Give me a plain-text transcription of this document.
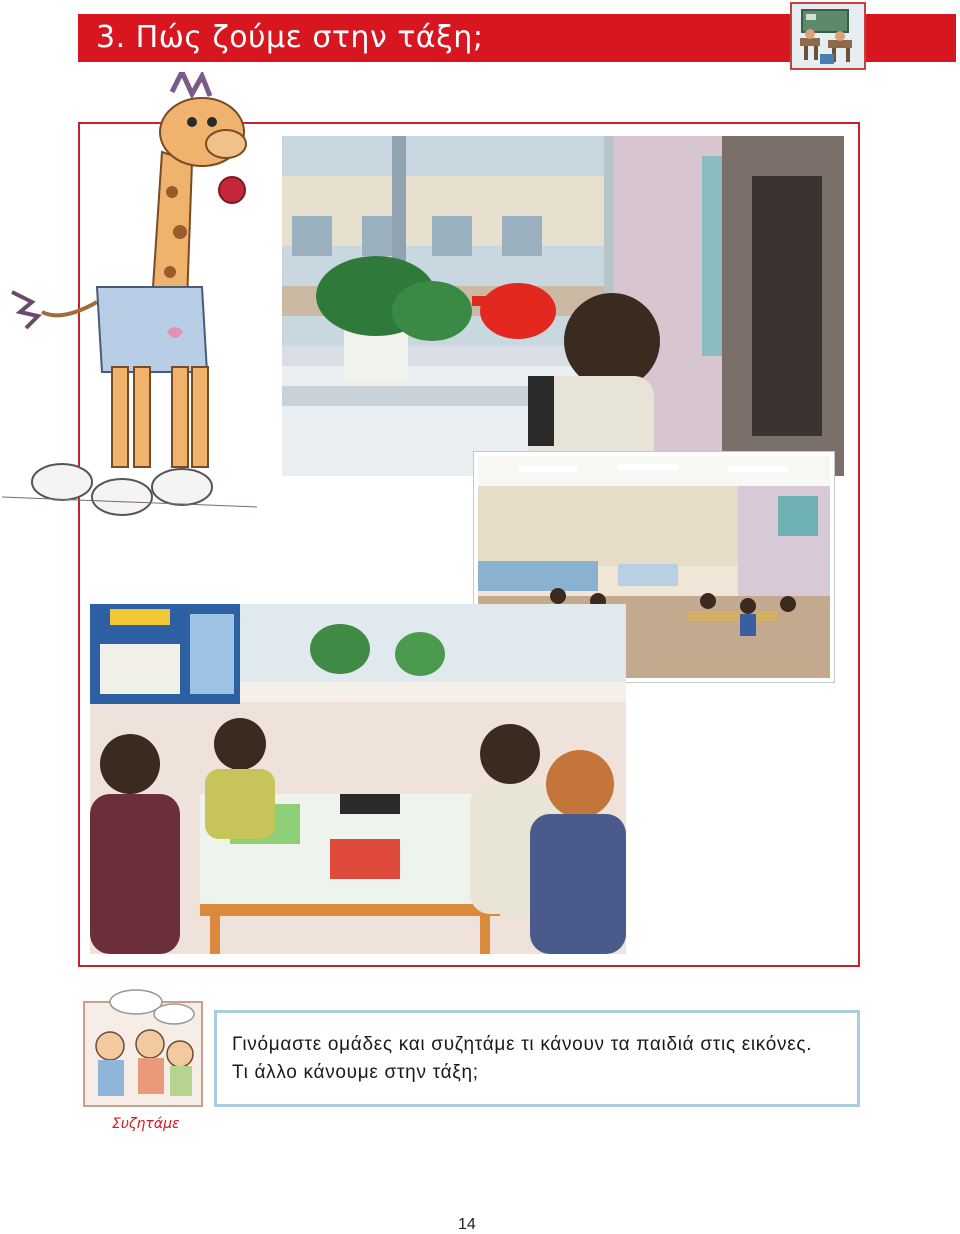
3. Πώς ζούμε στην τάξη;
Συζητάμε
Γινόμαστε ομάδες και συζητάμε τι κάνουν τα παιδιά στις εικόνες.
Τι άλλο κάνουμε στην τάξη;
14
